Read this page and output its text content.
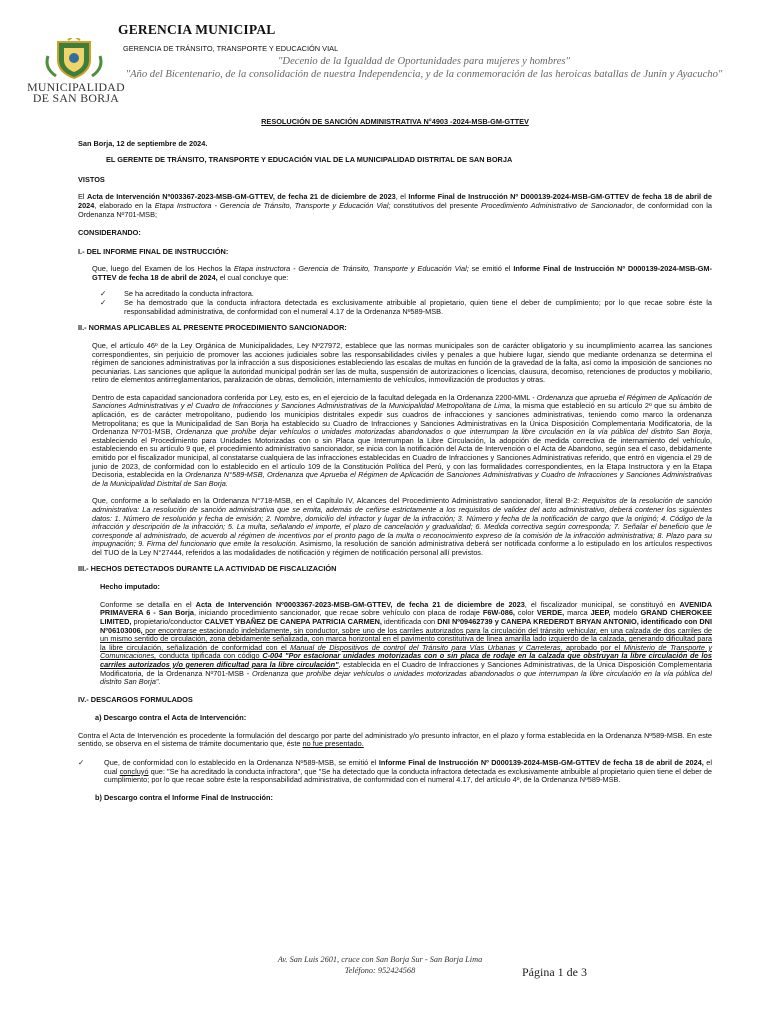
MUNICIPALIDAD
DE SAN BORJA
GERENCIA MUNICIPAL
GERENCIA DE TRÁNSITO, TRANSPORTE Y EDUCACIÓN VIAL
"Decenio de la Igualdad de Oportunidades para mujeres y hombres"
"Año del Bicentenario, de la consolidación de nuestra Independencia, y de la conmemoración de las heroicas batallas de Junín y Ayacucho"

RESOLUCIÓN DE SANCIÓN ADMINISTRATIVA N°4903 -2024-MSB-GM-GTTEV

San Borja, 12 de septiembre de 2024.

EL GERENTE DE TRÁNSITO, TRANSPORTE Y EDUCACIÓN VIAL DE LA MUNICIPALIDAD DISTRITAL DE SAN BORJA

VISTOS

El Acta de Intervención Nº003367-2023-MSB-GM-GTTEV, de fecha 21 de diciembre de 2023, el Informe Final de Instrucción Nº D000139-2024-MSB-GM-GTTEV de fecha 18 de abril de 2024, elaborado en la Etapa Instructora - Gerencia de Tránsito, Transporte y Educación Vial; constitutivos del presente Procedimiento Administrativo de Sancionador, de conformidad con la Ordenanza Nº701-MSB;

CONSIDERANDO:

I.- DEL INFORME FINAL DE INSTRUCCIÓN:

Que, luego del Examen de los Hechos la Etapa instructora - Gerencia de Tránsito, Transporte y Educación Vial; se emitió el Informe Final de Instrucción Nº D000139-2024-MSB-GM-GTTEV de fecha 18 de abril de 2024, el cual concluye que:

✓	Se ha acreditado la conducta infractora.
✓	Se ha demostrado que la conducta infractora detectada es exclusivamente atribuible al propietario, quien tiene el deber de cumplimiento; por lo que recae sobre éste la responsabilidad administrativa, de conformidad con el numeral 4.17 de la Ordenanza Nº589-MSB.

II.- NORMAS APLICABLES AL PRESENTE PROCEDIMIENTO SANCIONADOR:

Que, el artículo 46º de la Ley Orgánica de Municipalidades, Ley Nº27972, establece que las normas municipales son de carácter obligatorio y su incumplimiento acarrea las sanciones correspondientes, sin perjuicio de promover las acciones judiciales sobre las responsabilidades civiles y penales a que hubiere lugar, siendo que mediante ordenanza se determina el régimen de sanciones administrativas por la infracción a sus disposiciones estableciendo las escalas de multas en función de la gravedad de la falta, así como la imposición de sanciones no pecuniarias. Las sanciones que aplique la autoridad municipal podrán ser las de multa, suspensión de autorizaciones o licencias, clausura, decomiso, retenciones de productos y mobiliario, retiro de elementos antirreglamentarios, paralización de obras, demolición, internamiento de vehículos, inmovilización de productos y otras.

Dentro de esta capacidad sancionadora conferida por Ley, esto es, en el ejercicio de la facultad delegada en la Ordenanza 2200-MML - Ordenanza que aprueba el Régimen de Aplicación de Sanciones Administrativas y el Cuadro de Infracciones y Sanciones Administrativas de la Municipalidad Metropolitana de Lima, la misma que estableció en su artículo 2º que su ámbito de aplicación, es de carácter metropolitano, pudiendo los municipios distritales expedir sus cuadros de infracciones y sanciones administrativas, teniendo como marco la ordenanza Metropolitana; es que la Municipalidad de San Borja ha establecido su Cuadro de Infracciones y Sanciones Administrativas en la Única Disposición Complementaria Modificatoria, de la Ordenanza Nº701-MSB, Ordenanza que prohíbe dejar vehículos o unidades motorizadas abandonados o que interrumpan la libre circulación en la vía pública del distrito San Borja, estableciendo el Procedimiento para Unidades Motorizadas con o sin Placa que Interrumpan la Libre Circulación, la adopción de medida correctiva de internamiento del vehículo, estableciendo en su artículo 9 que, el procedimiento administrativo sancionador, se inicia con la notificación del Acta de Intervención o el Acta de Abandono, según sea el caso, debidamente emitido por el fiscalizador municipal, al constatarse cualquiera de las infracciones establecidas en Cuadro de Infracciones y Sanciones Administrativas referido, que entró en vigencia el 29 de junio de 2023, de conformidad con lo establecido en el artículo 109 de la Constitución Política del Perú, y con las formalidades correspondientes, en la Etapa Instructora y en la Etapa Decisoria, establecida en la Ordenanza N°589-MSB, Ordenanza que Aprueba el Régimen de Aplicación de Sanciones Administrativas y Cuadro de Infracciones y Sanciones Administrativas de la Municipalidad Distrital de San Borja.

Que, conforme a lo señalado en la Ordenanza N°718-MSB, en el Capítulo IV, Alcances del Procedimiento Administrativo sancionador, literal B-2: Requisitos de la resolución de sanción administrativa: La resolución de sanción administrativa que se emita, además de ceñirse estrictamente a los requisitos de validez del acto administrativo, deberá contener los siguientes datos: 1. Número de resolución y fecha de emisión; 2. Nombre, domicilio del infractor y lugar de la infracción; 3. Número y fecha de la notificación de cargo que la originó; 4. Código de la infracción y descripción de la infracción; 5. La multa, señalando el importe, el plazo de cancelación y gradualidad; 6. Medida correctiva según corresponda; 7. Señalar el beneficio que le corresponde al administrado, de acuerdo al régimen de incentivos por el pronto pago de la multa o reconocimiento expreso de la comisión de la infracción administrativa; 8. Plazo para su impugnación; 9. Firma del funcionario que emite la resolución. Asimismo, la resolución de sanción administrativa deberá ser notificada conforme a lo estipulado en los artículos respectivos del TUO de la Ley N°27444, referidos a las modalidades de notificación y régimen de notificación personal allí previstos.

III.- HECHOS DETECTADOS DURANTE LA ACTIVIDAD DE FISCALIZACIÓN

Hecho imputado:

Conforme se detalla en el Acta de Intervención Nº0003367-2023-MSB-GM-GTTEV, de fecha 21 de diciembre de 2023, el fiscalizador municipal, se constituyó en AVENIDA PRIMAVERA 6 - San Borja, iniciando procedimiento sancionador, que recae sobre vehículo con placa de rodaje F6W-086, color VERDE, marca JEEP, modelo GRAND CHEROKEE LIMITED, propietario/conductor CALVET YBAÑEZ DE CANEPA PATRICIA CARMEN, identificada con DNI Nº09462739 y CANEPA KREDERDT BRYAN ANTONIO, identificado con DNI Nº06103006, por encontrarse estacionado indebidamente, sin conductor, sobre uno de los carriles autorizados para la circulación del tránsito vehicular, en una calzada de dos carriles de un mismo sentido de circulación, zona debidamente señalizada, con marca horizontal en el pavimento constitutiva de línea amarilla lado izquierdo de la calzada, generando dificultad para la libre circulación, señalización de conformidad con el Manual de Dispositivos de control del Tránsito para Vías Urbanas y Carreteras, aprobado por el Ministerio de Transporte y Comunicaciones, conducta tipificada con código C-004 "Por estacionar unidades motorizadas con o sin placa de rodaje en la calzada que obstruyan la libre circulación de los carriles autorizados y/o generen dificultad para la libre circulación", establecida en el Cuadro de Infracciones y Sanciones Administrativas, de la Única Disposición Complementaria Modificatoria, de la Ordenanza Nº701-MSB - Ordenanza que prohíbe dejar vehículos o unidades motorizadas abandonados o que interrumpan la libre circulación en la vía pública del distrito San Borja".

IV.- DESCARGOS FORMULADOS

a) Descargo contra el Acta de Intervención:

Contra el Acta de Intervención es procedente la formulación del descargo por parte del administrado y/o presunto infractor, en el plazo y forma establecida en la Ordenanza Nº589-MSB. En este sentido, se observa en el sistema de trámite documentario que, éste no fue presentado.

✓	Que, de conformidad con lo establecido en la Ordenanza Nº589-MSB, se emitió el Informe Final de Instrucción Nº D000139-2024-MSB-GM-GTTEV de fecha 18 de abril de 2024, el cual concluyó que: "Se ha acreditado la conducta infractora", que "Se ha detectado que la conducta infractora detectada es exclusivamente atribuible al propietario quien tiene el deber de cumplimiento; por lo que recae sobre éste la responsabilidad administrativa, de conformidad con el numeral 4.17, del artículo 4º, de la Ordenanza Nº589-MSB.

b) Descargo contra el Informe Final de Instrucción:

Av. San Luis 2601, cruce con San Borja Sur - San Borja Lima
Teléfono: 952424568	Página 1 de 3
